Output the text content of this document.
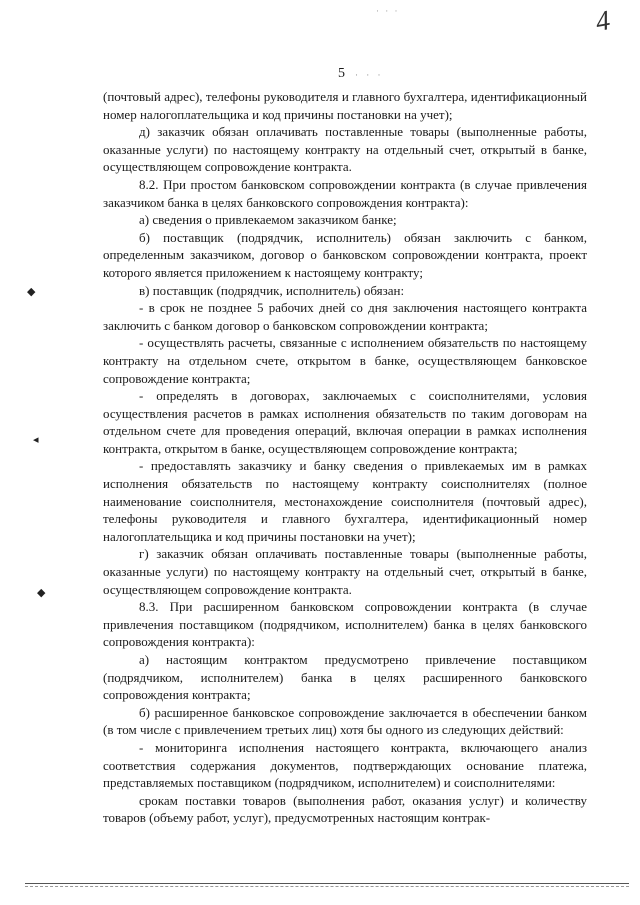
· · ·	4
5 · · ·
◆
◂
◆

(почтовый адрес), телефоны руководителя и главного бухгалтера, идентификационный номер налогоплательщика и код причины постановки на учет);

д) заказчик обязан оплачивать поставленные товары (выполненные работы, оказанные услуги) по настоящему контракту на отдельный счет, открытый в банке, осуществляющем сопровождение контракта.

8.2. При простом банковском сопровождении контракта (в случае привлечения заказчиком банка в целях банковского сопровождения контракта):

а) сведения о привлекаемом заказчиком банке;

б) поставщик (подрядчик, исполнитель) обязан заключить с банком, определенным заказчиком, договор о банковском сопровождении контракта, проект которого является приложением к настоящему контракту;

в) поставщик (подрядчик, исполнитель) обязан:

- в срок не позднее 5 рабочих дней со дня заключения настоящего контракта заключить с банком договор о банковском сопровождении контракта;

- осуществлять расчеты, связанные с исполнением обязательств по настоящему контракту на отдельном счете, открытом в банке, осуществляющем банковское сопровождение контракта;

- определять в договорах, заключаемых с соисполнителями, условия осуществления расчетов в рамках исполнения обязательств по таким договорам на отдельном счете для проведения операций, включая операции в рамках исполнения контракта, открытом в банке, осуществляющем сопровождение контракта;

- предоставлять заказчику и банку сведения о привлекаемых им в рамках исполнения обязательств по настоящему контракту соисполнителях (полное наименование соисполнителя, местонахождение соисполнителя (почтовый адрес), телефоны руководителя и главного бухгалтера, идентификационный номер налогоплательщика и код причины постановки на учет);

г) заказчик обязан оплачивать поставленные товары (выполненные работы, оказанные услуги) по настоящему контракту на отдельный счет, открытый в банке, осуществляющем сопровождение контракта.

8.3. При расширенном банковском сопровождении контракта (в случае привлечения поставщиком (подрядчиком, исполнителем) банка в целях банковского сопровождения контракта):

а) настоящим контрактом предусмотрено привлечение поставщиком (подрядчиком, исполнителем) банка в целях расширенного банковского сопровождения контракта;

б) расширенное банковское сопровождение заключается в обеспечении банком (в том числе с привлечением третьих лиц) хотя бы одного из следующих действий:

- мониторинга исполнения настоящего контракта, включающего анализ соответствия содержания документов, подтверждающих основание платежа, представляемых поставщиком (подрядчиком, исполнителем) и соисполнителями:

срокам поставки товаров (выполнения работ, оказания услуг) и количеству товаров (объему работ, услуг), предусмотренных настоящим контрак-
